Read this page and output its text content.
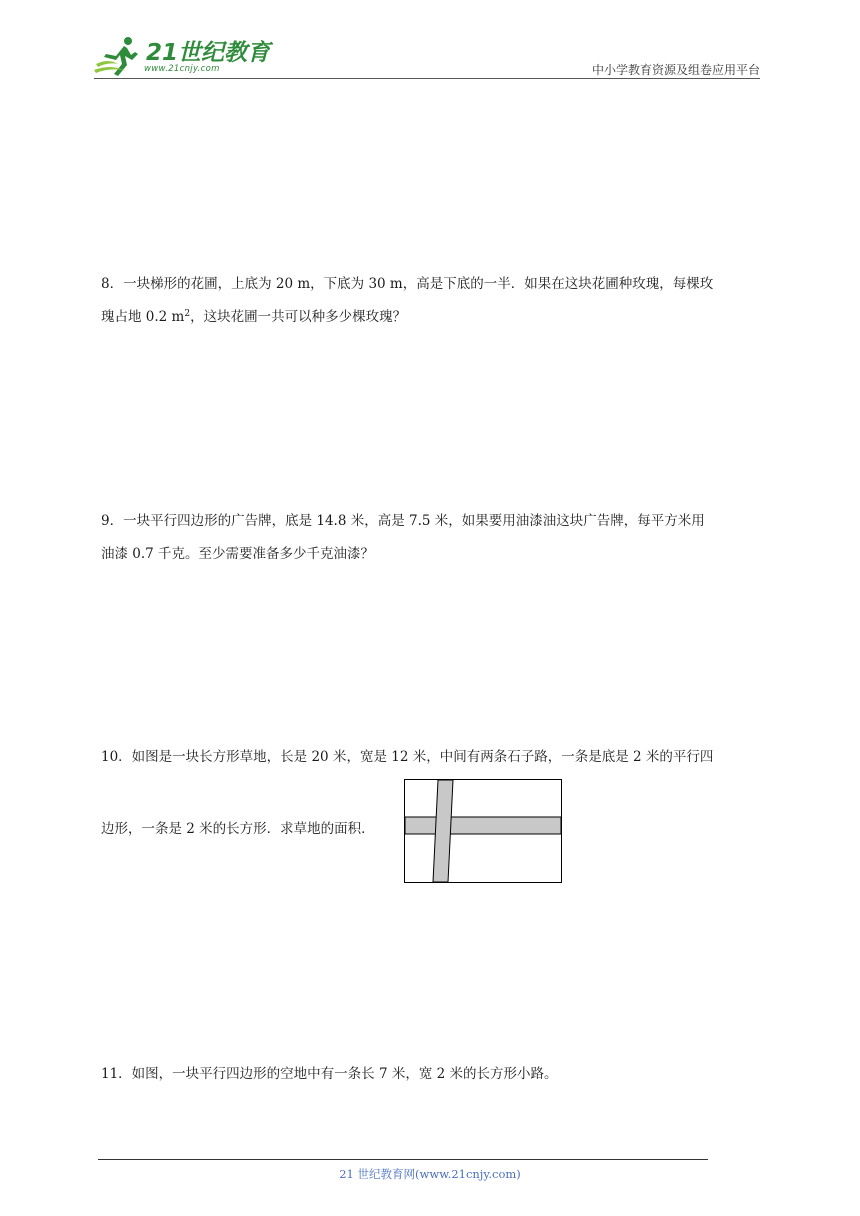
21世纪教育
www.21cnjy.com	中小学教育资源及组卷应用平台

8．一块梯形的花圃，上底为 20 m，下底为 30 m，高是下底的一半．如果在这块花圃种玫瑰，每棵玫

瑰占地 0.2 $m^2$，这块花圃一共可以种多少棵玫瑰？

9．一块平行四边形的广告牌，底是 14.8 米，高是 7.5 米，如果要用油漆油这块广告牌，每平方米用

油漆 0.7 千克。至少需要准备多少千克油漆？

10．如图是一块长方形草地，长是 20 米，宽是 12 米，中间有两条石子路，一条是底是 2 米的平行四

边形，一条是 2 米的长方形．求草地的面积．

11．如图，一块平行四边形的空地中有一条长 7 米，宽 2 米的长方形小路。

21 世纪教育网(www.21cnjy.com)
